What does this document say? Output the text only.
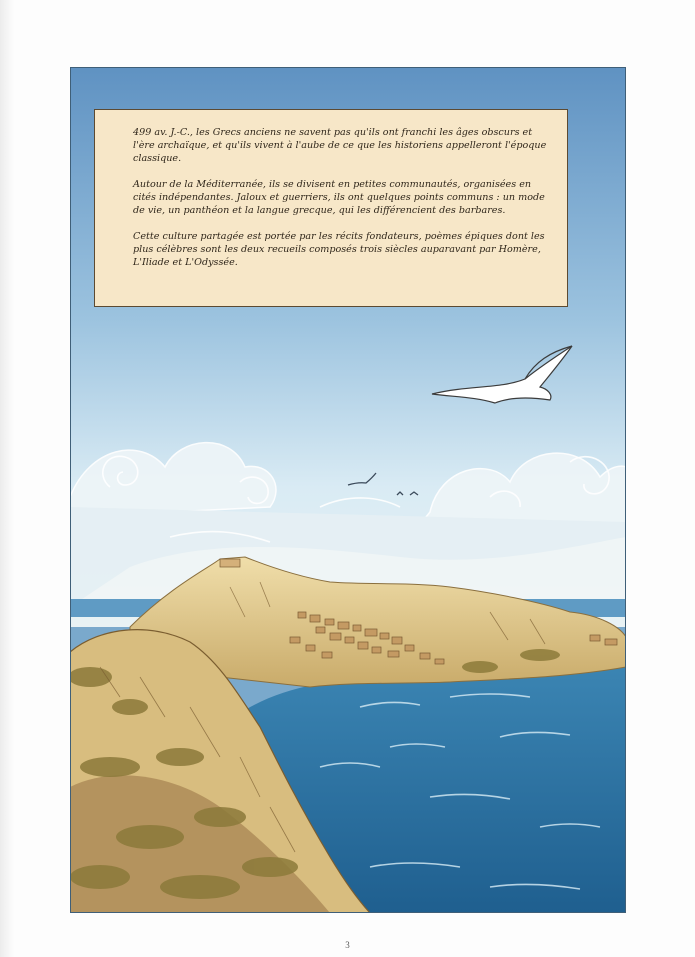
499 av. J.-C., les Grecs anciens ne savent pas qu'ils ont franchi les âges obscurs et l'ère archaïque, et qu'ils vivent à l'aube de ce que les historiens appelleront l'époque classique.

Autour de la Méditerranée, ils se divisent en petites communautés, organisées en cités indépendantes. Jaloux et guerriers, ils ont quelques points communs : un mode de vie, un panthéon et la langue grecque, qui les différencient des barbares.

Cette culture partagée est portée par les récits fondateurs, poèmes épiques dont les plus célèbres sont les deux recueils composés trois siècles auparavant par Homère, L'Iliade et L'Odyssée.

3
